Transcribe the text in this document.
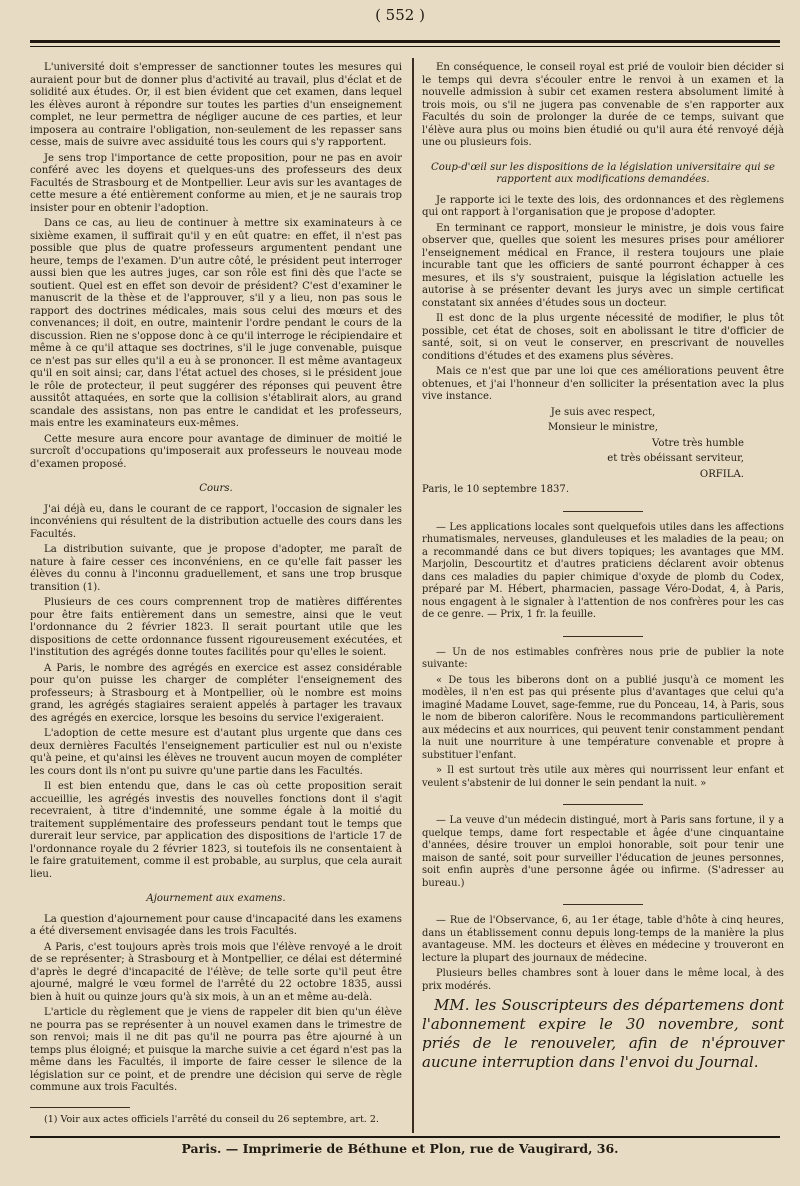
( 552 )

L'université doit s'empresser de sanctionner toutes les mesures qui auraient pour but de donner plus d'activité au travail, plus d'éclat et de solidité aux études. Or, il est bien évident que cet examen, dans lequel les élèves auront à répondre sur toutes les parties d'un enseignement complet, ne leur permettra de négliger aucune de ces parties, et leur imposera au contraire l'obligation, non-seulement de les repasser sans cesse, mais de suivre avec assiduité tous les cours qui s'y rapportent.

Je sens trop l'importance de cette proposition, pour ne pas en avoir conféré avec les doyens et quelques-uns des professeurs des deux Facultés de Strasbourg et de Montpellier. Leur avis sur les avantages de cette mesure a été entièrement conforme au mien, et je ne saurais trop insister pour en obtenir l'adoption.

Dans ce cas, au lieu de continuer à mettre six examinateurs à ce sixième examen, il suffirait qu'il y en eût quatre: en effet, il n'est pas possible que plus de quatre professeurs argumentent pendant une heure, temps de l'examen. D'un autre côté, le président peut interroger aussi bien que les autres juges, car son rôle est fini dès que l'acte se soutient. Quel est en effet son devoir de président? C'est d'examiner le manuscrit de la thèse et de l'approuver, s'il y a lieu, non pas sous le rapport des doctrines médicales, mais sous celui des mœurs et des convenances; il doit, en outre, maintenir l'ordre pendant le cours de la discussion. Rien ne s'oppose donc à ce qu'il interroge le récipiendaire et même à ce qu'il attaque ses doctrines, s'il le juge convenable, puisque ce n'est pas sur elles qu'il a eu à se prononcer. Il est même avantageux qu'il en soit ainsi; car, dans l'état actuel des choses, si le président joue le rôle de protecteur, il peut suggérer des réponses qui peuvent être aussitôt attaquées, en sorte que la collision s'établirait alors, au grand scandale des assistans, non pas entre le candidat et les professeurs, mais entre les examinateurs eux-mêmes.

Cette mesure aura encore pour avantage de diminuer de moitié le surcroît d'occupations qu'imposerait aux professeurs le nouveau mode d'examen proposé.

Cours.

J'ai déjà eu, dans le courant de ce rapport, l'occasion de signaler les inconvéniens qui résultent de la distribution actuelle des cours dans les Facultés.

La distribution suivante, que je propose d'adopter, me paraît de nature à faire cesser ces inconvéniens, en ce qu'elle fait passer les élèves du connu à l'inconnu graduellement, et sans une trop brusque transition (1).

Plusieurs de ces cours comprennent trop de matières différentes pour être faits entièrement dans un semestre, ainsi que le veut l'ordonnance du 2 février 1823. Il serait pourtant utile que les dispositions de cette ordonnance fussent rigoureusement exécutées, et l'institution des agrégés donne toutes facilités pour qu'elles le soient.

A Paris, le nombre des agrégés en exercice est assez considérable pour qu'on puisse les charger de compléter l'enseignement des professeurs; à Strasbourg et à Montpellier, où le nombre est moins grand, les agrégés stagiaires seraient appelés à partager les travaux des agrégés en exercice, lorsque les besoins du service l'exigeraient.

L'adoption de cette mesure est d'autant plus urgente que dans ces deux dernières Facultés l'enseignement particulier est nul ou n'existe qu'à peine, et qu'ainsi les élèves ne trouvent aucun moyen de compléter les cours dont ils n'ont pu suivre qu'une partie dans les Facultés.

Il est bien entendu que, dans le cas où cette proposition serait accueillie, les agrégés investis des nouvelles fonctions dont il s'agit recevraient, à titre d'indemnité, une somme égale à la moitié du traitement supplémentaire des professeurs pendant tout le temps que durerait leur service, par application des dispositions de l'article 17 de l'ordonnance royale du 2 février 1823, si toutefois ils ne consentaient à le faire gratuitement, comme il est probable, au surplus, que cela aurait lieu.

Ajournement aux examens.

La question d'ajournement pour cause d'incapacité dans les examens a été diversement envisagée dans les trois Facultés.

A Paris, c'est toujours après trois mois que l'élève renvoyé a le droit de se représenter; à Strasbourg et à Montpellier, ce délai est déterminé d'après le degré d'incapacité de l'élève; de telle sorte qu'il peut être ajourné, malgré le vœu formel de l'arrêté du 22 octobre 1835, aussi bien à huit ou quinze jours qu'à six mois, à un an et même au-delà.

L'article du règlement que je viens de rappeler dit bien qu'un élève ne pourra pas se représenter à un nouvel examen dans le trimestre de son renvoi; mais il ne dit pas qu'il ne pourra pas être ajourné à un temps plus éloigné; et puisque la marche suivie a cet égard n'est pas la même dans les Facultés, il importe de faire cesser le silence de la législation sur ce point, et de prendre une décision qui serve de règle commune aux trois Facultés.

(1) Voir aux actes officiels l'arrêté du conseil du 26 septembre, art. 2.

En conséquence, le conseil royal est prié de vouloir bien décider si le temps qui devra s'écouler entre le renvoi à un examen et la nouvelle admission à subir cet examen restera absolument limité à trois mois, ou s'il ne jugera pas convenable de s'en rapporter aux Facultés du soin de prolonger la durée de ce temps, suivant que l'élève aura plus ou moins bien étudié ou qu'il aura été renvoyé déjà une ou plusieurs fois.

Coup-d'œil sur les dispositions de la législation universitaire qui se rapportent aux modifications demandées.

Je rapporte ici le texte des lois, des ordonnances et des règlemens qui ont rapport à l'organisation que je propose d'adopter.

En terminant ce rapport, monsieur le ministre, je dois vous faire observer que, quelles que soient les mesures prises pour améliorer l'enseignement médical en France, il restera toujours une plaie incurable tant que les officiers de santé pourront échapper à ces mesures, et ils s'y soustraient, puisque la législation actuelle les autorise à se présenter devant les jurys avec un simple certificat constatant six années d'études sous un docteur.

Il est donc de la plus urgente nécessité de modifier, le plus tôt possible, cet état de choses, soit en abolissant le titre d'officier de santé, soit, si on veut le conserver, en prescrivant de nouvelles conditions d'études et des examens plus sévères.

Mais ce n'est que par une loi que ces améliorations peuvent être obtenues, et j'ai l'honneur d'en solliciter la présentation avec la plus vive instance.

Je suis avec respect,

Monsieur le ministre,

Votre très humble

et très obéissant serviteur,

ORFILA.

Paris, le 10 septembre 1837.

— Les applications locales sont quelquefois utiles dans les affections rhumatismales, nerveuses, glanduleuses et les maladies de la peau; on a recommandé dans ce but divers topiques; les avantages que MM. Marjolin, Descourtitz et d'autres praticiens déclarent avoir obtenus dans ces maladies du papier chimique d'oxyde de plomb du Codex, préparé par M. Hébert, pharmacien, passage Véro-Dodat, 4, à Paris, nous engagent à le signaler à l'attention de nos confrères pour les cas de ce genre. — Prix, 1 fr. la feuille.

— Un de nos estimables confrères nous prie de publier la note suivante:

« De tous les biberons dont on a publié jusqu'à ce moment les modèles, il n'en est pas qui présente plus d'avantages que celui qu'a imaginé Madame Louvet, sage-femme, rue du Ponceau, 14, à Paris, sous le nom de biberon calorifère. Nous le recommandons particulièrement aux médecins et aux nourrices, qui peuvent tenir constamment pendant la nuit une nourriture à une température convenable et propre à substituer l'enfant.

» Il est surtout très utile aux mères qui nourrissent leur enfant et veulent s'abstenir de lui donner le sein pendant la nuit. »

— La veuve d'un médecin distingué, mort à Paris sans fortune, il y a quelque temps, dame fort respectable et âgée d'une cinquantaine d'années, désire trouver un emploi honorable, soit pour tenir une maison de santé, soit pour surveiller l'éducation de jeunes personnes, soit enfin auprès d'une personne âgée ou infirme. (S'adresser au bureau.)

— Rue de l'Observance, 6, au 1er étage, table d'hôte à cinq heures, dans un établissement connu depuis long-temps de la manière la plus avantageuse. MM. les docteurs et élèves en médecine y trouveront en lecture la plupart des journaux de médecine.

Plusieurs belles chambres sont à louer dans le même local, à des prix modérés.

MM. les Souscripteurs des départemens dont l'abonnement expire le 30 novembre, sont priés de le renouveler, afin de n'éprouver aucune interruption dans l'envoi du Journal.

Paris. — Imprimerie de Béthune et Plon, rue de Vaugirard, 36.
